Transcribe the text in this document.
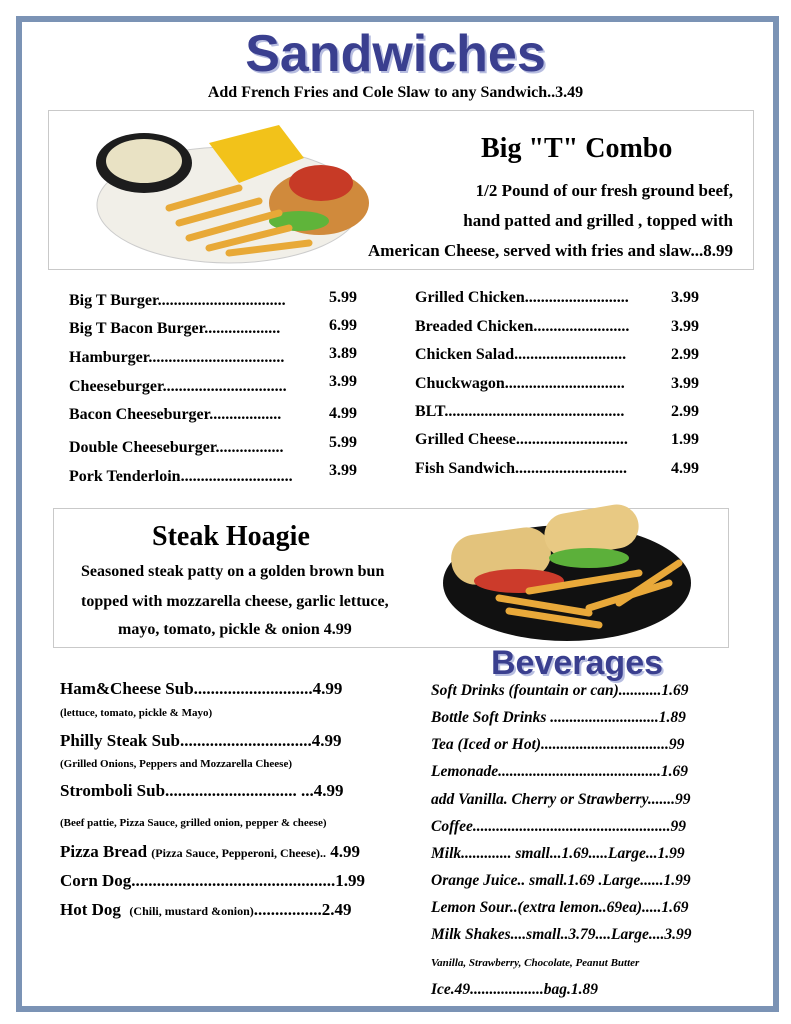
Sandwiches
Add French Fries and Cole Slaw to any Sandwich..3.49
Big "T" Combo
1/2 Pound of our fresh ground beef,
hand patted and grilled , topped with
American Cheese, served with fries and slaw...8.99
Big T Burger................................	5.99
Big T Bacon Burger...................	6.99
Hamburger..................................	3.89
Cheeseburger...............................	3.99
Bacon Cheeseburger..................	4.99
Double Cheeseburger.................	5.99
Pork Tenderloin............................ 3.99
Grilled Chicken..........................	3.99
Breaded Chicken........................	3.99
Chicken Salad............................	2.99
Chuckwagon..............................	3.99
BLT.............................................	2.99
Grilled Cheese............................	1.99
Fish Sandwich............................	4.99
Steak Hoagie
Seasoned steak patty on a golden brown bun
topped with mozzarella cheese, garlic lettuce,
mayo, tomato, pickle & onion 4.99
Ham&Cheese Sub............................4.99
(lettuce, tomato, pickle & Mayo)
Philly Steak Sub...............................4.99
(Grilled Onions, Peppers and Mozzarella Cheese)
Stromboli Sub............................... ...4.99
(Beef pattie, Pizza Sauce, grilled onion, pepper & cheese)
Pizza Bread (Pizza Sauce, Pepperoni, Cheese).. 4.99
Corn Dog................................................1.99
Hot Dog (Chili, mustard &onion)................2.49
Beverages
Soft Drinks (fountain or can)...........1.69
Bottle Soft Drinks ............................1.89
Tea (Iced or Hot).................................99
Lemonade..........................................1.69
add Vanilla. Cherry or Strawberry.......99
Coffee...................................................99
Milk............. small...1.69.....Large...1.99
Orange Juice.. small.1.69 .Large......1.99
Lemon Sour..(extra lemon..69ea).....1.69
Milk Shakes....small..3.79....Large....3.99
Vanilla, Strawberry, Chocolate, Peanut Butter
Ice.49...................bag.1.89
